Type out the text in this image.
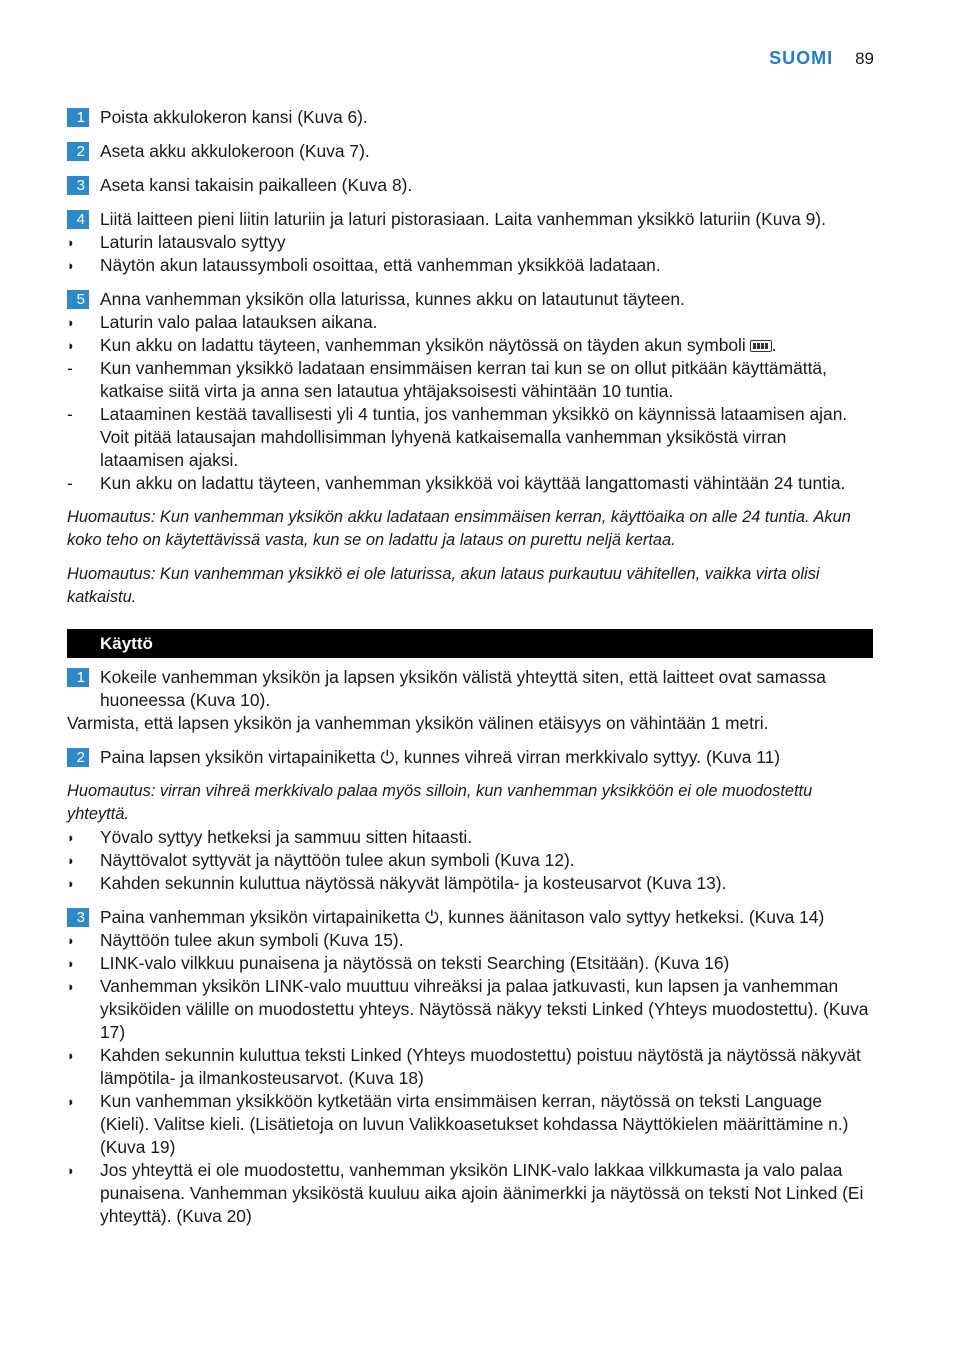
SUOMI 89
1 Poista akkulokeron kansi (Kuva 6).
2 Aseta akku akkulokeroon (Kuva 7).
3 Aseta kansi takaisin paikalleen (Kuva 8).
4 Liitä laitteen pieni liitin laturiin ja laturi pistorasiaan. Laita vanhemman yksikkö laturiin (Kuva 9).
◗	Laturin latausvalo syttyy
◗	Näytön akun lataussymboli osoittaa, että vanhemman yksikköä ladataan.
5 Anna vanhemman yksikön olla laturissa, kunnes akku on latautunut täyteen.
◗	Laturin valo palaa latauksen aikana.
◗	Kun akku on ladattu täyteen, vanhemman yksikön näytössä on täyden akun symboli .
-	Kun vanhemman yksikkö ladataan ensimmäisen kerran tai kun se on ollut pitkään käyttämättä, katkaise siitä virta ja anna sen latautua yhtäjaksoisesti vähintään 10 tuntia.
-	Lataaminen kestää tavallisesti yli 4 tuntia, jos vanhemman yksikkö on käynnissä lataamisen ajan. Voit pitää latausajan mahdollisimman lyhyenä katkaisemalla vanhemman yksiköstä virran lataamisen ajaksi.
-	Kun akku on ladattu täyteen, vanhemman yksikköä voi käyttää langattomasti vähintään 24 tuntia.
Huomautus: Kun vanhemman yksikön akku ladataan ensimmäisen kerran, käyttöaika on alle 24 tuntia. Akun koko teho on käytettävissä vasta, kun se on ladattu ja lataus on purettu neljä kertaa.
Huomautus: Kun vanhemman yksikkö ei ole laturissa, akun lataus purkautuu vähitellen, vaikka virta olisi katkaistu.
Käyttö
1 Kokeile vanhemman yksikön ja lapsen yksikön välistä yhteyttä siten, että laitteet ovat samassa huoneessa (Kuva 10).
Varmista, että lapsen yksikön ja vanhemman yksikön välinen etäisyys on vähintään 1 metri.
2 Paina lapsen yksikön virtapainiketta ⏻, kunnes vihreä virran merkkivalo syttyy. (Kuva 11)
Huomautus: virran vihreä merkkivalo palaa myös silloin, kun vanhemman yksikköön ei ole muodostettu yhteyttä.
◗	Yövalo syttyy hetkeksi ja sammuu sitten hitaasti.
◗	Näyttövalot syttyvät ja näyttöön tulee akun symboli (Kuva 12).
◗	Kahden sekunnin kuluttua näytössä näkyvät lämpötila- ja kosteusarvot (Kuva 13).
3 Paina vanhemman yksikön virtapainiketta ⏻, kunnes äänitason valo syttyy hetkeksi. (Kuva 14)
◗	Näyttöön tulee akun symboli (Kuva 15).
◗	LINK-valo vilkkuu punaisena ja näytössä on teksti Searching (Etsitään). (Kuva 16)
◗	Vanhemman yksikön LINK-valo muuttuu vihreäksi ja palaa jatkuvasti, kun lapsen ja vanhemman yksiköiden välille on muodostettu yhteys. Näytössä näkyy teksti Linked (Yhteys muodostettu). (Kuva 17)
◗	Kahden sekunnin kuluttua teksti Linked (Yhteys muodostettu) poistuu näytöstä ja näytössä näkyvät lämpötila- ja ilmankosteusarvot. (Kuva 18)
◗	Kun vanhemman yksikköön kytketään virta ensimmäisen kerran, näytössä on teksti Language (Kieli). Valitse kieli. (Lisätietoja on luvun Valikkoasetukset kohdassa Näyttökielen määrittämine n.) (Kuva 19)
◗	Jos yhteyttä ei ole muodostettu, vanhemman yksikön LINK-valo lakkaa vilkkumasta ja valo palaa punaisena. Vanhemman yksiköstä kuuluu aika ajoin äänimerkki ja näytössä on teksti Not Linked (Ei yhteyttä). (Kuva 20)
